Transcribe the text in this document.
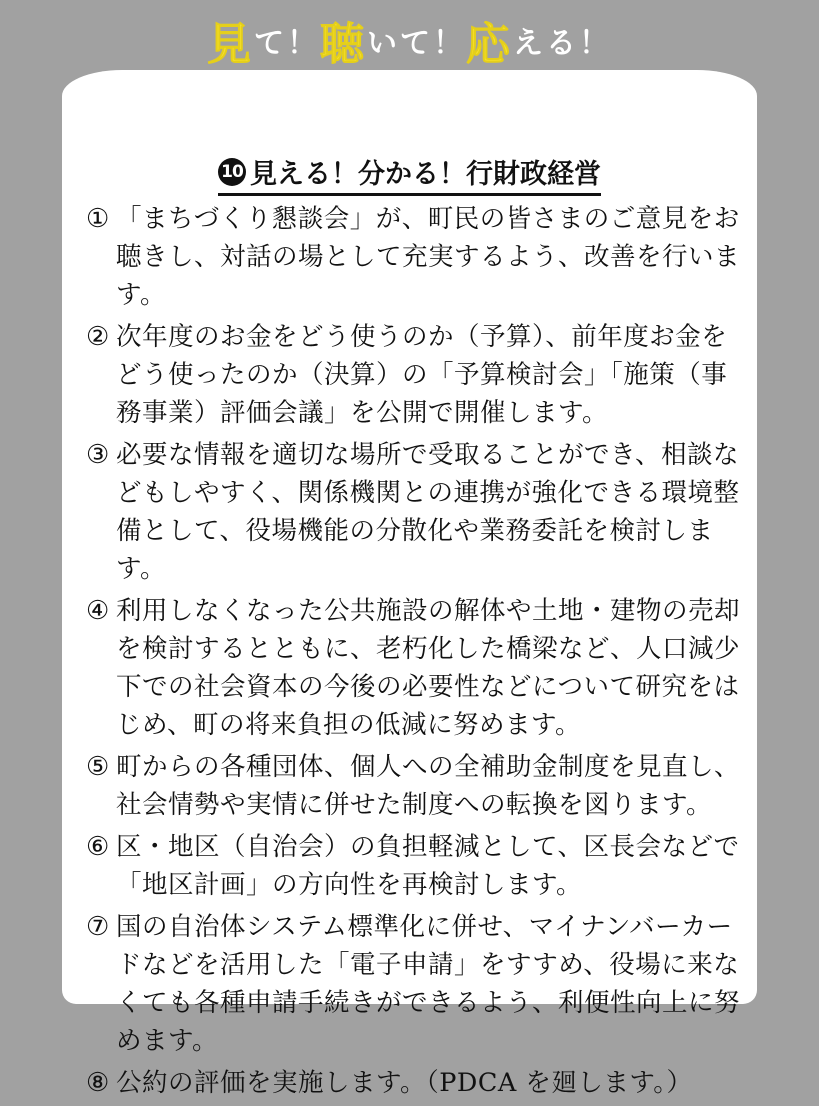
見 て！ 聴 いて！ 応 える！
10 見える！分かる！行財政経営
① 「まちづくり懇談会」が、町民の皆さまのご意見をお聴きし、対話の場として充実するよう、改善を行います。
② 次年度のお金をどう使うのか（予算）、前年度お金をどう使ったのか（決算）の「予算検討会」「施策（事務事業）評価会議」を公開で開催します。
③ 必要な情報を適切な場所で受取ることができ、相談などもしやすく、関係機関との連携が強化できる環境整備として、役場機能の分散化や業務委託を検討します。
④ 利用しなくなった公共施設の解体や土地・建物の売却を検討するとともに、老朽化した橋梁など、人口減少下での社会資本の今後の必要性などについて研究をはじめ、町の将来負担の低減に努めます。
⑤ 町からの各種団体、個人への全補助金制度を見直し、社会情勢や実情に併せた制度への転換を図ります。
⑥ 区・地区（自治会）の負担軽減として、区長会などで「地区計画」の方向性を再検討します。
⑦ 国の自治体システム標準化に併せ、マイナンバーカードなどを活用した「電子申請」をすすめ、役場に来なくても各種申請手続きができるよう、利便性向上に努めます。
⑧ 公約の評価を実施します。（PDCA を廻します。）
